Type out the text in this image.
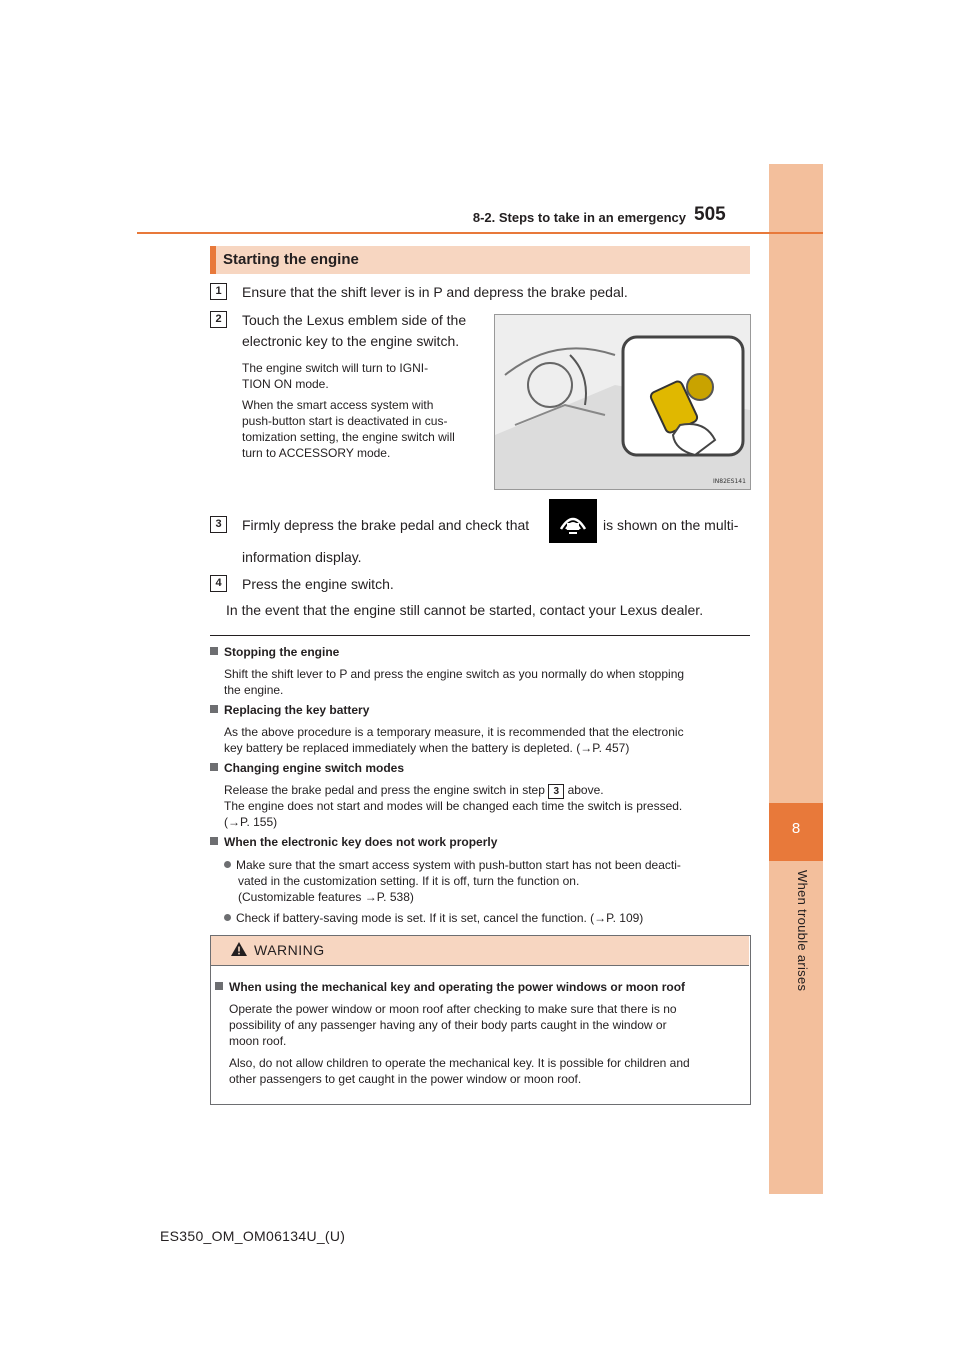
8
When trouble arises
8-2. Steps to take in an emergency 505
Starting the engine
1	Ensure that the shift lever is in P and depress the brake pedal.
2	Touch the Lexus emblem side of the
electronic key to the engine switch.
The engine switch will turn to IGNI-
TION ON mode.
When the smart access system with
push-button start is deactivated in cus-
tomization setting, the engine switch will
turn to ACCESSORY mode.
IN82ES141
3	Firmly depress the brake pedal and check that	is shown on the multi-
information display.
4	Press the engine switch.
In the event that the engine still cannot be started, contact your Lexus dealer.
Stopping the engine
Shift the shift lever to P and press the engine switch as you normally do when stopping
the engine.
Replacing the key battery
As the above procedure is a temporary measure, it is recommended that the electronic
key battery be replaced immediately when the battery is depleted. (→P. 457)
Changing engine switch modes
Release the brake pedal and press the engine switch in step 3 above.
The engine does not start and modes will be changed each time the switch is pressed.
(→P. 155)
When the electronic key does not work properly
Make sure that the smart access system with push-button start has not been deacti-
vated in the customization setting. If it is off, turn the function on.
(Customizable features →P. 538)
Check if battery-saving mode is set. If it is set, cancel the function. (→P. 109)
WARNING
When using the mechanical key and operating the power windows or moon roof
Operate the power window or moon roof after checking to make sure that there is no
possibility of any passenger having any of their body parts caught in the window or
moon roof.
Also, do not allow children to operate the mechanical key. It is possible for children and
other passengers to get caught in the power window or moon roof.
ES350_OM_OM06134U_(U)
